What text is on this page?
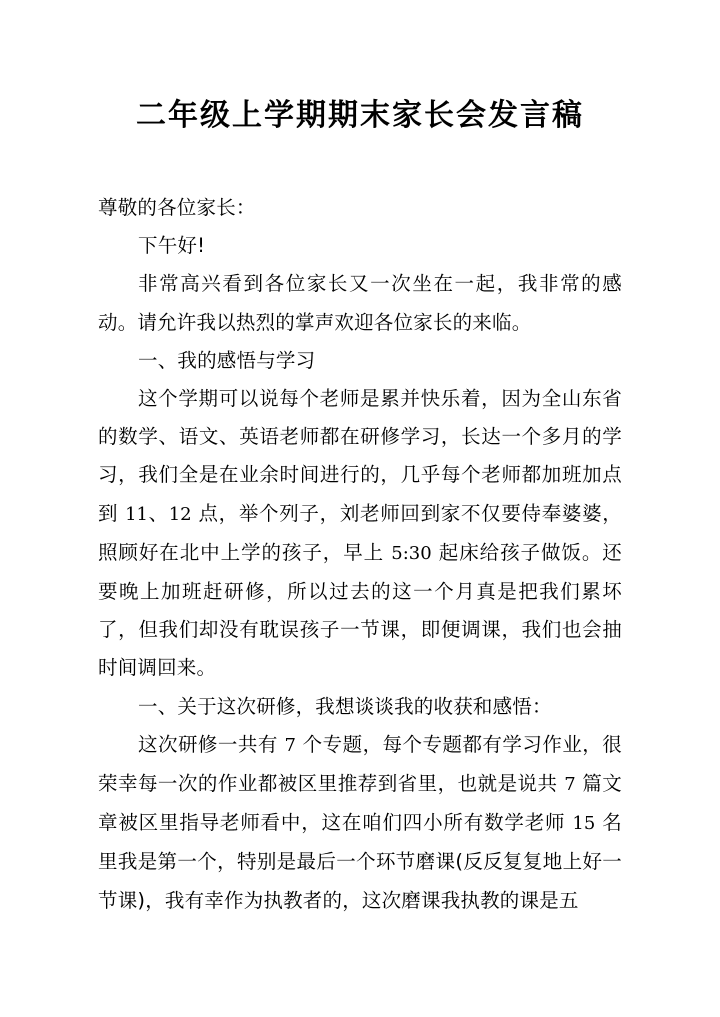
二年级上学期期末家长会发言稿

尊敬的各位家长：

下午好!

非常高兴看到各位家长又一次坐在一起，我非常的感动。请允许我以热烈的掌声欢迎各位家长的来临。

一、我的感悟与学习

这个学期可以说每个老师是累并快乐着，因为全山东省的数学、语文、英语老师都在研修学习，长达一个多月的学习，我们全是在业余时间进行的，几乎每个老师都加班加点到 11、12 点，举个列子，刘老师回到家不仅要侍奉婆婆，照顾好在北中上学的孩子，早上 5:30 起床给孩子做饭。还要晚上加班赶研修，所以过去的这一个月真是把我们累坏了，但我们却没有耽误孩子一节课，即便调课，我们也会抽时间调回来。

一、关于这次研修，我想谈谈我的收获和感悟：

这次研修一共有 7 个专题，每个专题都有学习作业，很荣幸每一次的作业都被区里推荐到省里，也就是说共 7 篇文章被区里指导老师看中，这在咱们四小所有数学老师 15 名里我是第一个，特别是最后一个环节磨课(反反复复地上好一节课)，我有幸作为执教者的，这次磨课我执教的课是五
